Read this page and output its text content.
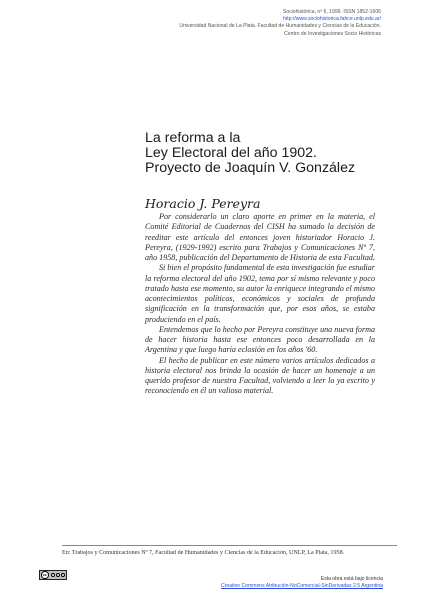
Sociohistórica, nº 6, 1999. ISSN 1852-1606
http://www.sociohistorica.fahce.unlp.edu.ar/
Universidad Nacional de La Plata. Facultad de Humanidades y Ciencias de la Educación.
Centro de Investigaciones Socio Históricas
La reforma a la
Ley Electoral del año 1902.
Proyecto de Joaquín V. González
Horacio J. Pereyra

Por considerarlo un claro aporte en primer en la materia, el Comité Editorial de Cuadernos del CISH ha sumado la decisión de reeditar este artículo del entonces joven historiador Horacio J. Pereyra, (1929-1992) escrito para Trabajos y Comunicaciones Nº 7, año 1958, publicación del Departamento de Historia de esta Facultad.

Si bien el propósito fundamental de esta investigación fue estudiar la reforma electoral del año 1902, tema por sí mismo relevante y poco tratado hasta ese momento, su autor la enriquece integrando el mismo acontecimientos políticos, económicos y sociales de profunda significación en la transformación que, por esos años, se estaba produciendo en el país.

Entendemos que lo hecho por Pereyra constituye una nueva forma de hacer historia hasta ese entonces poco desarrollada en la Argentina y que luego haría eclosión en los años '60.

El hecho de publicar en este número varios artículos dedicados a historia electoral nos brinda la ocasión de hacer un homenaje a un querido profesor de nuestra Facultad, volviendo a leer lo ya escrito y reconociendo en él un valioso material.

En: Trabajos y Comunicaciones Nº 7, Facultad de Humanidades y Ciencias de la Educación, UNLP, La Plata, 1958.
cc
Esta obra está bajo licencia
Creative Commons Atribución-NoComercial-SinDerivadas 2.5 Argentina
